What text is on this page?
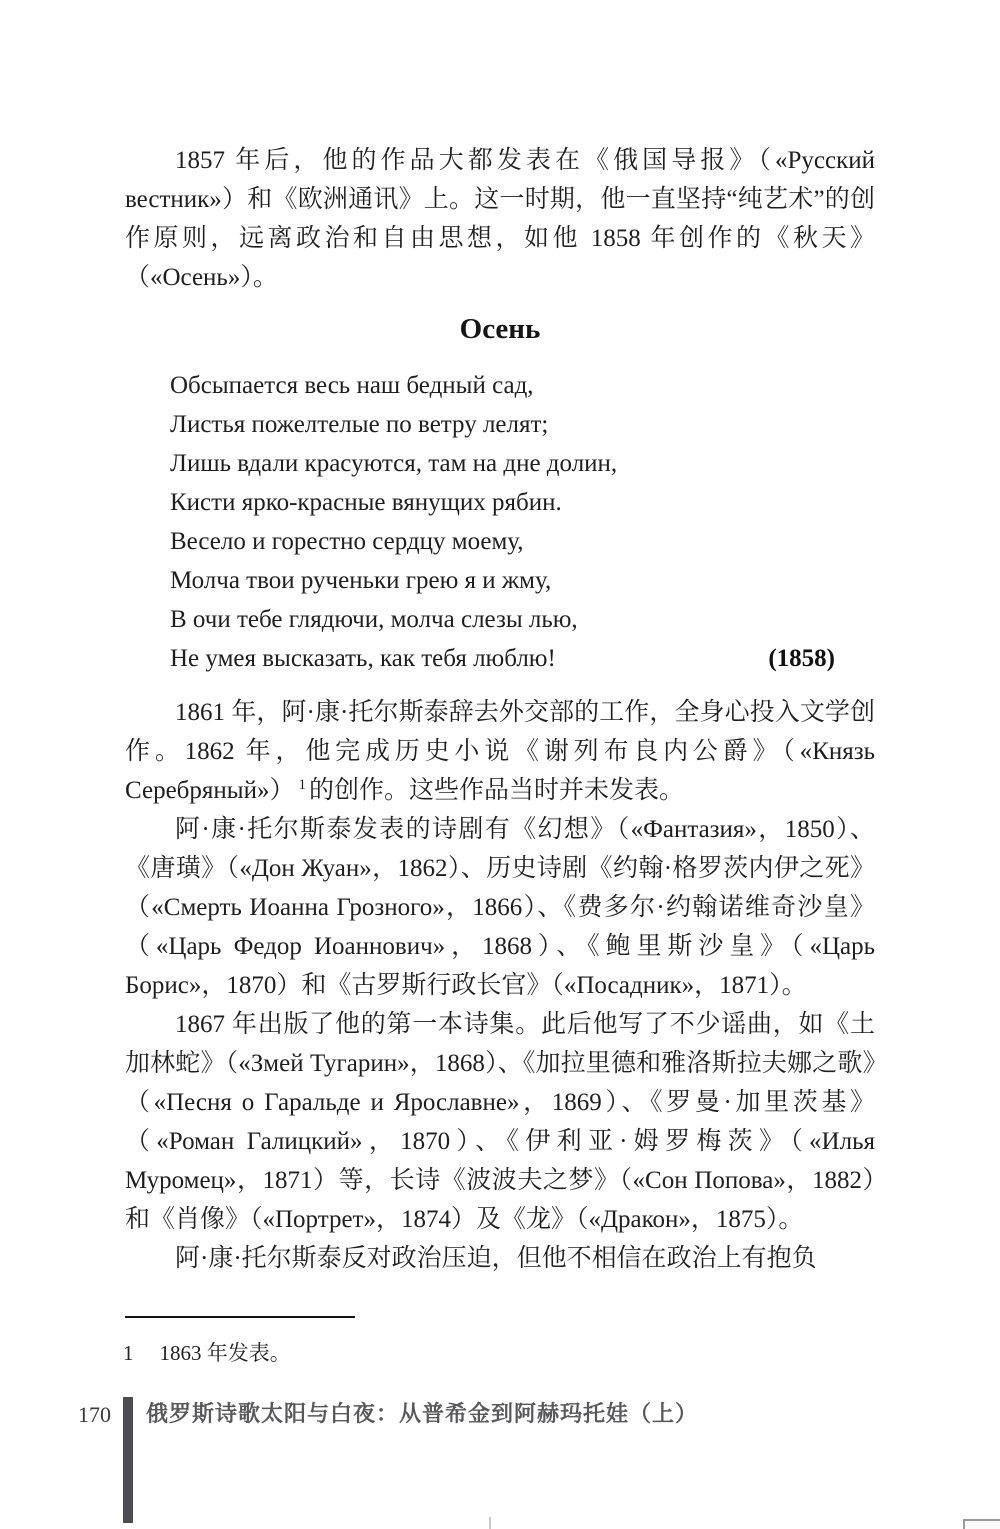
1857 年后，他的作品大都发表在《俄国导报》（«Русский вестник»）和《欧洲通讯》上。这一时期，他一直坚持“纯艺术”的创作原则，远离政治和自由思想，如他 1858 年创作的《秋天》（«Осень»）。

Осень
Обсыпается весь наш бедный сад,
Листья пожелтелые по ветру лелят;
Лишь вдали красуются, там на дне долин,
Кисти ярко-красные вянущих рябин.
Весело и горестно сердцу моему,
Молча твои рученьки грею я и жму,
В очи тебе глядючи, молча слезы лью,
Не умея высказать, как тебя люблю!	(1858)

1861 年，阿·康·托尔斯泰辞去外交部的工作，全身心投入文学创作。1862 年，他完成历史小说《谢列布良内公爵》（«Князь Серебряный»） $^1$ 的创作。这些作品当时并未发表。

阿·康·托尔斯泰发表的诗剧有《幻想》（«Фантазия»，1850）、《唐璜》（«Дон Жуан»，1862）、历史诗剧《约翰·格罗茨内伊之死》（«Смерть Иоанна Грозного»，1866）、《费多尔·约翰诺维奇沙皇》（«Царь Федор Иоаннович»，1868）、《鲍里斯沙皇》（«Царь Борис»，1870）和《古罗斯行政长官》（«Посадник»，1871）。

1867 年出版了他的第一本诗集。此后他写了不少谣曲，如《土加林蛇》（«Змей Тугарин»，1868）、《加拉里德和雅洛斯拉夫娜之歌》（«Песня о Гаральде и Ярославне»，1869）、《罗曼·加里茨基》（«Роман Галицкий»，1870）、《伊利亚·姆罗梅茨》（«Илья Муромец»，1871）等，长诗《波波夫之梦》（«Сон Попова»，1882）和《肖像》（«Портрет»，1874）及《龙》（«Дракон»，1875）。

阿·康·托尔斯泰反对政治压迫，但他不相信在政治上有抱负

1 1863 年发表。
170 俄罗斯诗歌太阳与白夜：从普希金到阿赫玛托娃（上）
